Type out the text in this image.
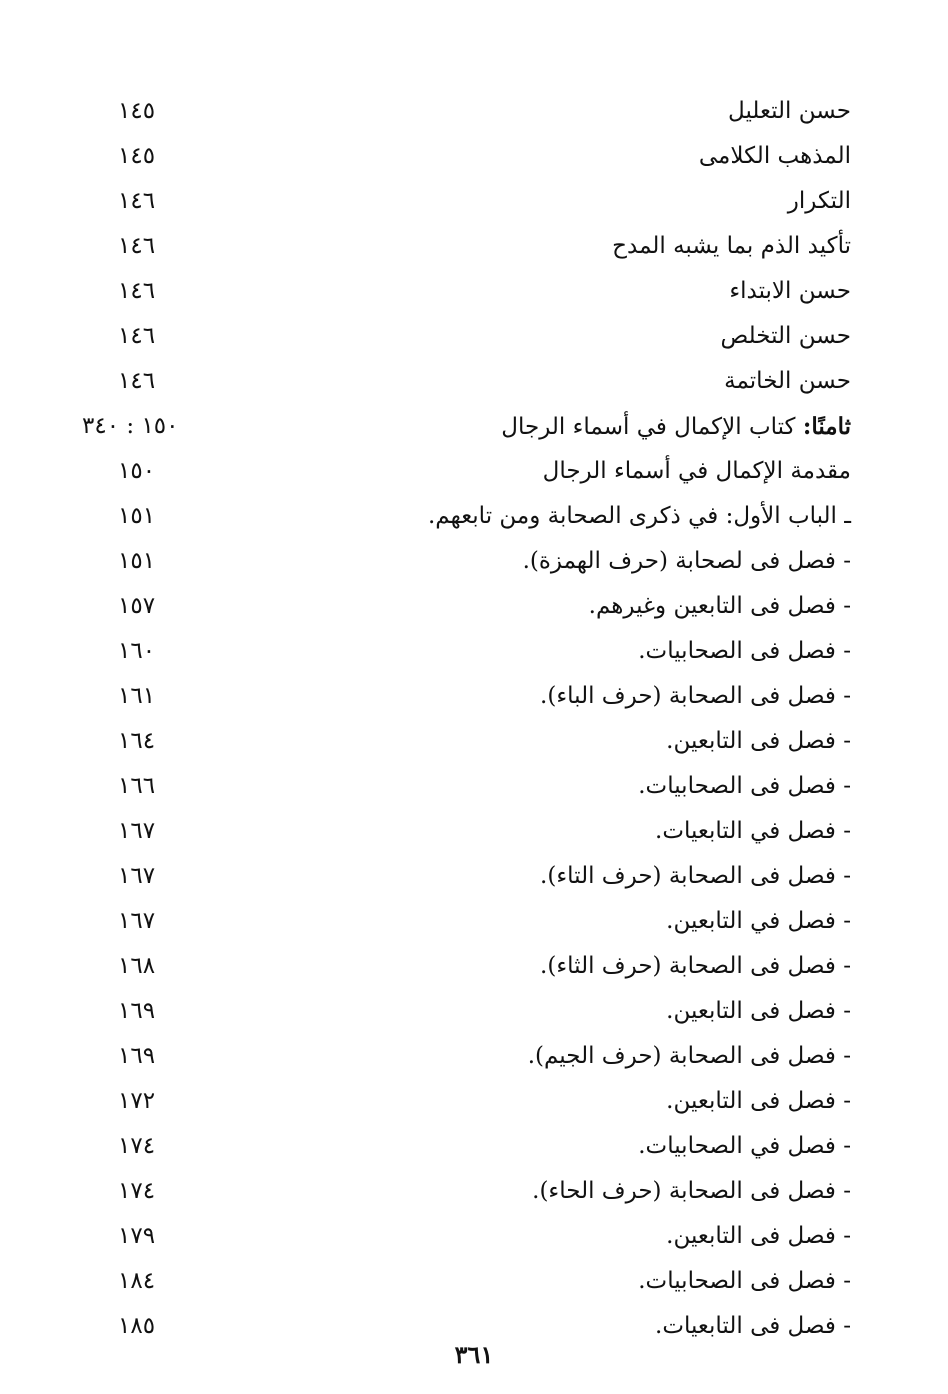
حسن التعليل
١٤٥
المذهب الكلامى
١٤٥
التكرار
١٤٦
تأكيد الذم بما يشبه المدح
١٤٦
حسن الابتداء
١٤٦
حسن التخلص
١٤٦
حسن الخاتمة
١٤٦
ثامنًا: كتاب الإكمال في أسماء الرجال
١٥٠ : ٣٤٠
مقدمة الإكمال في أسماء الرجال
١٥٠
ـ الباب الأول: في ذكرى الصحابة ومن تابعهم.
١٥١
- فصل فى لصحابة (حرف الهمزة).
١٥١
- فصل فى التابعين وغيرهم.
١٥٧
- فصل فى الصحابيات.
١٦٠
- فصل فى الصحابة (حرف الباء).
١٦١
- فصل فى التابعين.
١٦٤
- فصل فى الصحابيات.
١٦٦
- فصل في التابعيات.
١٦٧
- فصل فى الصحابة (حرف التاء).
١٦٧
- فصل في التابعين.
١٦٧
- فصل فى الصحابة (حرف الثاء).
١٦٨
- فصل فى التابعين.
١٦٩
- فصل فى الصحابة (حرف الجيم).
١٦٩
- فصل فى التابعين.
١٧٢
- فصل في الصحابيات.
١٧٤
- فصل فى الصحابة (حرف الحاء).
١٧٤
- فصل فى التابعين.
١٧٩
- فصل فى الصحابيات.
١٨٤
- فصل فى التابعيات.
١٨٥
٣٦١
